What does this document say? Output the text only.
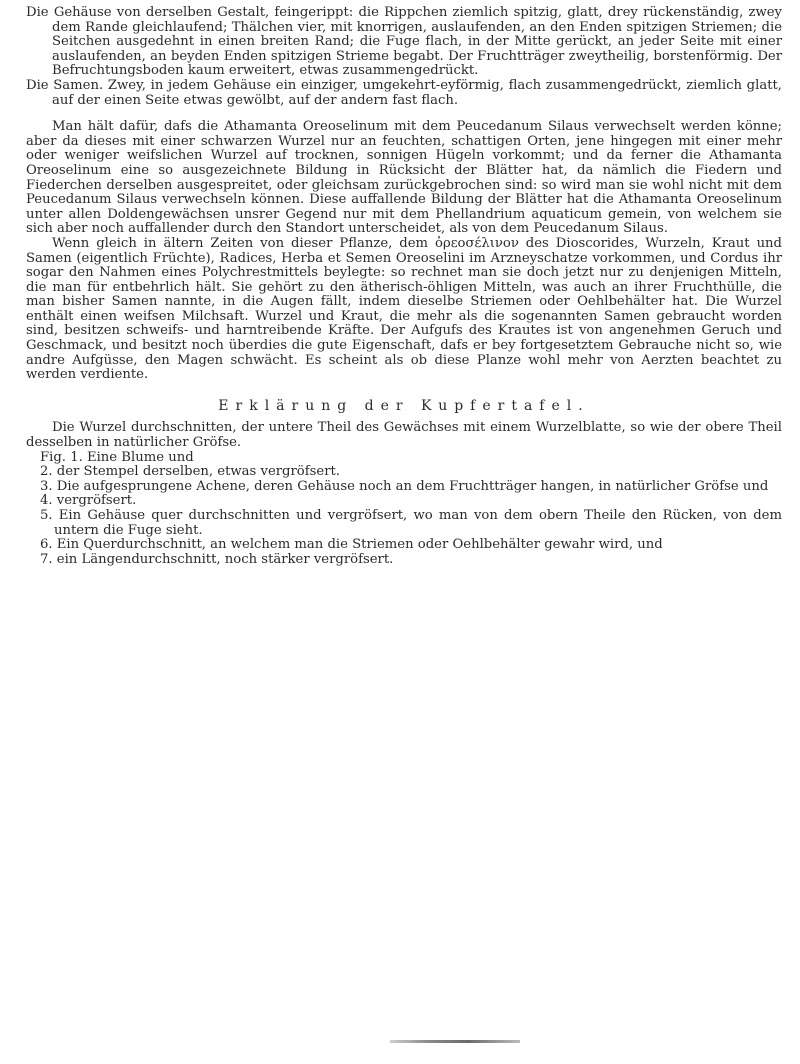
Die Gehäuse von derselben Gestalt, feingerippt: die Rippchen ziemlich spitzig, glatt, drey rückenständig, zwey dem Rande gleichlaufend; Thälchen vier, mit knorrigen, auslaufenden, an den Enden spitzigen Striemen; die Seitchen ausgedehnt in einen breiten Rand; die Fuge flach, in der Mitte gerückt, an jeder Seite mit einer auslaufenden, an beyden Enden spitzigen Strieme begabt. Der Fruchtträger zweytheilig, borstenförmig. Der Befruchtungsboden kaum erweitert, etwas zusammengedrückt.

Die Samen. Zwey, in jedem Gehäuse ein einziger, umgekehrt-eyförmig, flach zusammengedrückt, ziemlich glatt, auf der einen Seite etwas gewölbt, auf der andern fast flach.

Man hält dafür, dafs die Athamanta Oreoselinum mit dem Peucedanum Silaus verwechselt werden könne; aber da dieses mit einer schwarzen Wurzel nur an feuchten, schattigen Orten, jene hingegen mit einer mehr oder weniger weifslichen Wurzel auf trocknen, sonnigen Hügeln vorkommt; und da ferner die Athamanta Oreoselinum eine so ausgezeichnete Bildung in Rücksicht der Blätter hat, da nämlich die Fiedern und Fiederchen derselben ausgespreitet, oder gleichsam zurückgebrochen sind: so wird man sie wohl nicht mit dem Peucedanum Silaus verwechseln können. Diese auffallende Bildung der Blätter hat die Athamanta Oreoselinum unter allen Doldengewächsen unsrer Gegend nur mit dem Phellandrium aquaticum gemein, von welchem sie sich aber noch auffallender durch den Standort unterscheidet, als von dem Peucedanum Silaus.

Wenn gleich in ältern Zeiten von dieser Pflanze, dem ὀρεοσέλινον des Dioscorides, Wurzeln, Kraut und Samen (eigentlich Früchte), Radices, Herba et Semen Oreoselini im Arzneyschatze vorkommen, und Cordus ihr sogar den Nahmen eines Polychrestmittels beylegte: so rechnet man sie doch jetzt nur zu denjenigen Mitteln, die man für entbehrlich hält. Sie gehört zu den ätherisch-öhligen Mitteln, was auch an ihrer Fruchthülle, die man bisher Samen nannte, in die Augen fällt, indem dieselbe Striemen oder Oehlbehälter hat. Die Wurzel enthält einen weifsen Milchsaft. Wurzel und Kraut, die mehr als die sogenannten Samen gebraucht worden sind, besitzen schweifs- und harntreibende Kräfte. Der Aufgufs des Krautes ist von angenehmen Geruch und Geschmack, und besitzt noch überdies die gute Eigenschaft, dafs er bey fortgesetztem Gebrauche nicht so, wie andre Aufgüsse, den Magen schwächt. Es scheint als ob diese Planze wohl mehr von Aerzten beachtet zu werden verdiente.

Erklärung der Kupfertafel.

Die Wurzel durchschnitten, der untere Theil des Gewächses mit einem Wurzelblatte, so wie der obere Theil desselben in natürlicher Gröfse.

Fig. 1. Eine Blume und

2. der Stempel derselben, etwas vergröfsert.

3. Die aufgesprungene Achene, deren Gehäuse noch an dem Fruchtträger hangen, in natürlicher Gröfse und

4. vergröfsert.

5. Ein Gehäuse quer durchschnitten und vergröfsert, wo man von dem obern Theile den Rücken, von dem untern die Fuge sieht.

6. Ein Querdurchschnitt, an welchem man die Striemen oder Oehlbehälter gewahr wird, und

7. ein Längendurchschnitt, noch stärker vergröfsert.
